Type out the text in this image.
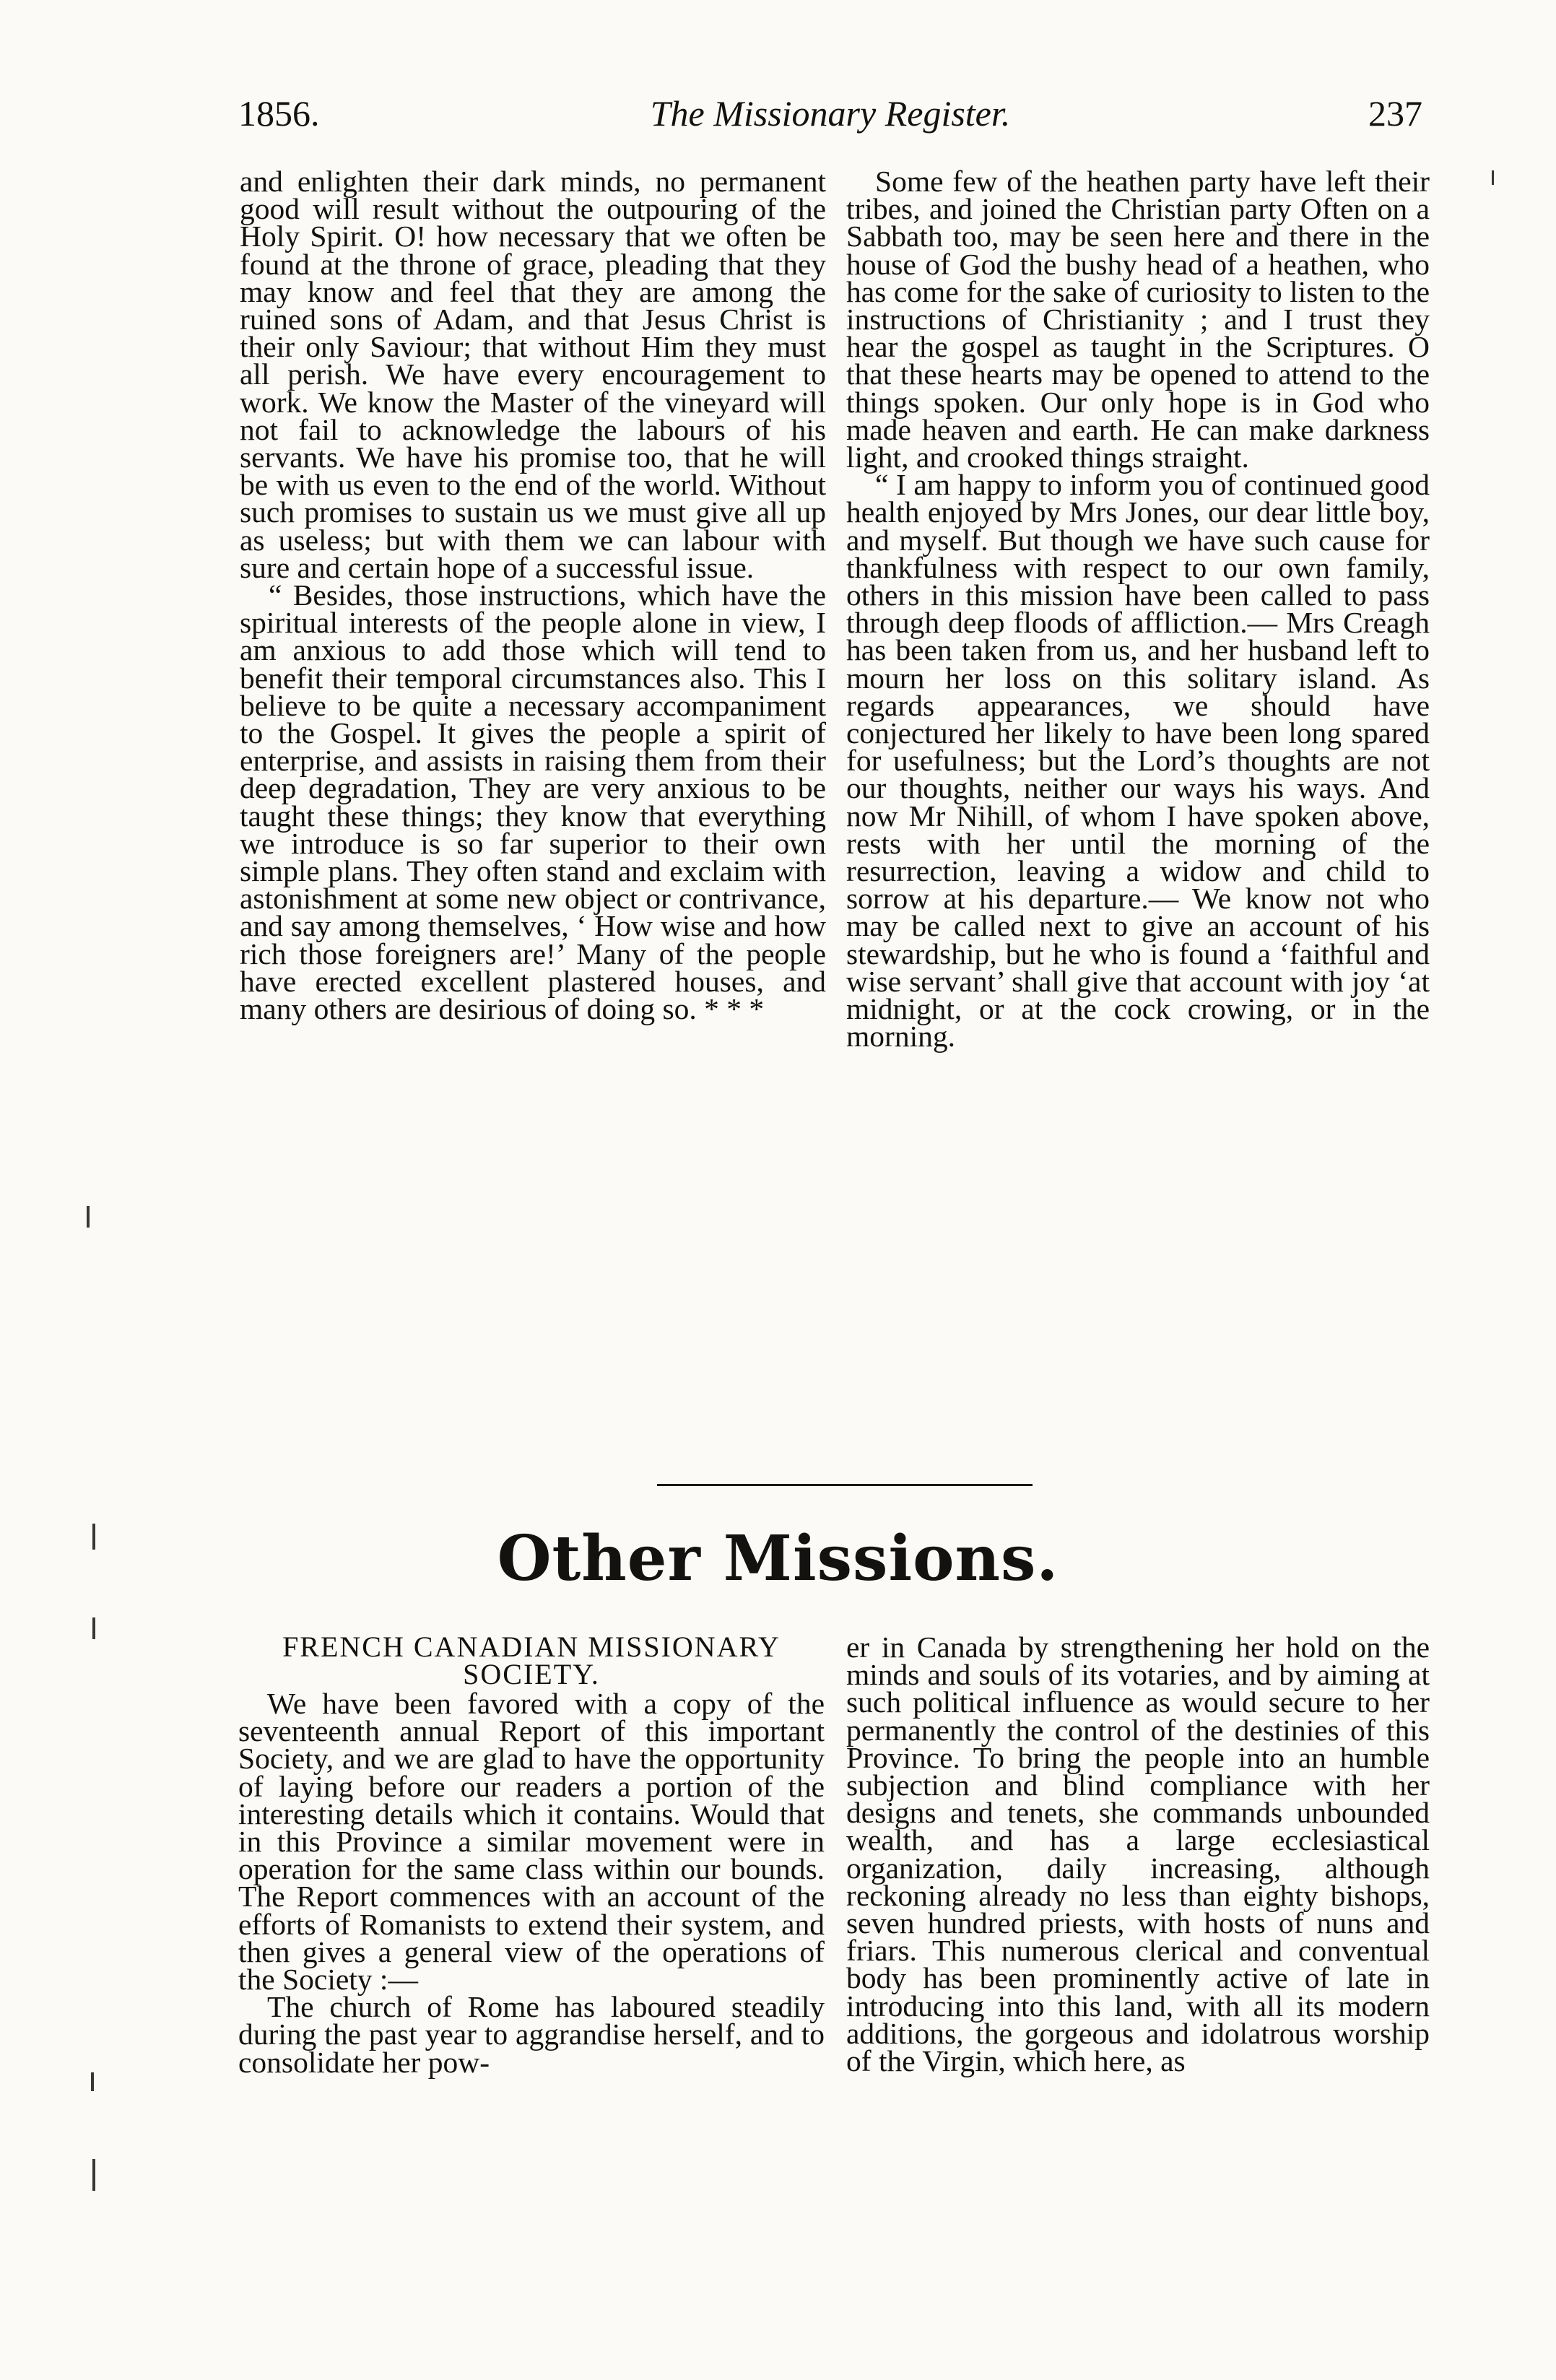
1856.	The Missionary Register.	237

and enlighten their dark minds, no permanent good will result without the outpouring of the Holy Spirit. O! how necessary that we often be found at the throne of grace, pleading that they may know and feel that they are among the ruined sons of Adam, and that Jesus Christ is their only Saviour; that without Him they must all perish. We have every encouragement to work. We know the Master of the vineyard will not fail to acknowledge the labours of his servants. We have his promise too, that he will be with us even to the end of the world. Without such promises to sustain us we must give all up as useless; but with them we can labour with sure and certain hope of a successful issue.

“ Besides, those instructions, which have the spiritual interests of the people alone in view, I am anxious to add those which will tend to benefit their temporal circumstances also. This I believe to be quite a necessary accompaniment to the Gospel. It gives the people a spirit of enterprise, and assists in raising them from their deep degradation, They are very anxious to be taught these things; they know that everything we introduce is so far superior to their own simple plans. They often stand and exclaim with astonishment at some new object or contrivance, and say among themselves, ‘ How wise and how rich those foreigners are!’ Many of the people have erected excellent plastered houses, and many others are desirious of doing so. * * *

Some few of the heathen party have left their tribes, and joined the Christian party Often on a Sabbath too, may be seen here and there in the house of God the bushy head of a heathen, who has come for the sake of curiosity to listen to the instructions of Christianity ; and I trust they hear the gospel as taught in the Scriptures. O that these hearts may be opened to attend to the things spoken. Our only hope is in God who made heaven and earth. He can make darkness light, and crooked things straight.

“ I am happy to inform you of continued good health enjoyed by Mrs Jones, our dear little boy, and myself. But though we have such cause for thankfulness with respect to our own family, others in this mission have been called to pass through deep floods of affliction.— Mrs Creagh has been taken from us, and her husband left to mourn her loss on this solitary island. As regards appearances, we should have conjectured her likely to have been long spared for usefulness; but the Lord’s thoughts are not our thoughts, neither our ways his ways. And now Mr Nihill, of whom I have spoken above, rests with her until the morning of the resurrection, leaving a widow and child to sorrow at his departure.— We know not who may be called next to give an account of his stewardship, but he who is found a ‘faithful and wise servant’ shall give that account with joy ‘at midnight, or at the cock crowing, or in the morning.

Other Missions.
FRENCH CANADIAN MISSIONARY SOCIETY.

We have been favored with a copy of the seventeenth annual Report of this important Society, and we are glad to have the opportunity of laying before our readers a portion of the interesting details which it contains. Would that in this Province a similar movement were in operation for the same class within our bounds. The Report commences with an account of the efforts of Romanists to extend their system, and then gives a general view of the operations of the Society :—

The church of Rome has laboured steadily during the past year to aggrandise herself, and to consolidate her pow-

er in Canada by strengthening her hold on the minds and souls of its votaries, and by aiming at such political influence as would secure to her permanently the control of the destinies of this Province. To bring the people into an humble subjection and blind compliance with her designs and tenets, she commands unbounded wealth, and has a large ecclesiastical organization, daily increasing, although reckoning already no less than eighty bishops, seven hundred priests, with hosts of nuns and friars. This numerous clerical and conventual body has been prominently active of late in introducing into this land, with all its modern additions, the gorgeous and idolatrous worship of the Virgin, which here, as
